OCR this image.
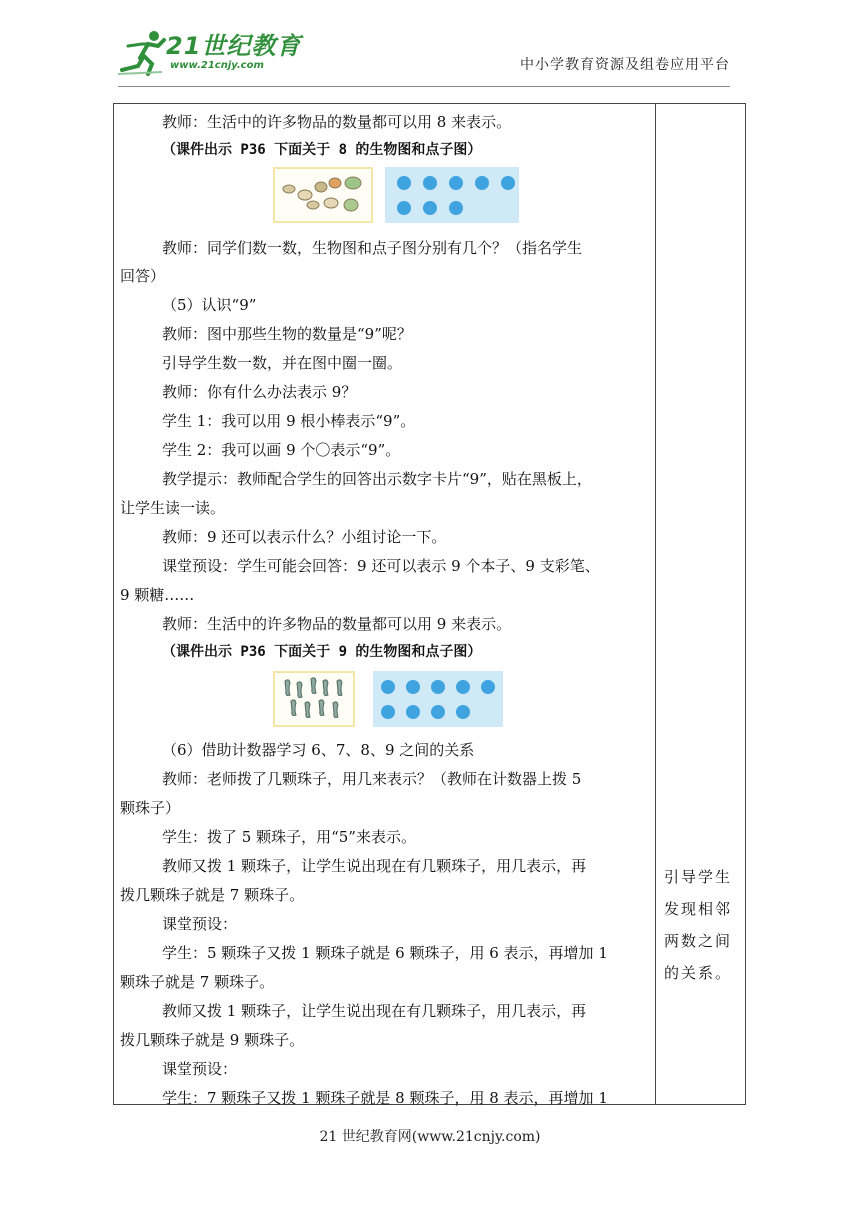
21世纪教育
www.21cnjy.com	中小学教育资源及组卷应用平台
教师：生活中的许多物品的数量都可以用 8 来表示。
（课件出示 P36 下面关于 8 的生物图和点子图）
教师：同学们数一数，生物图和点子图分别有几个？（指名学生
回答）
（5）认识“9”
教师：图中那些生物的数量是“9”呢？
引导学生数一数，并在图中圈一圈。
教师：你有什么办法表示 9？
学生 1：我可以用 9 根小棒表示“9”。
学生 2：我可以画 9 个〇表示“9”。
教学提示：教师配合学生的回答出示数字卡片“9”，贴在黑板上，
让学生读一读。
教师：9 还可以表示什么？小组讨论一下。
课堂预设：学生可能会回答：9 还可以表示 9 个本子、9 支彩笔、
9 颗糖……
教师：生活中的许多物品的数量都可以用 9 来表示。
（课件出示 P36 下面关于 9 的生物图和点子图）
（6）借助计数器学习 6、7、8、9 之间的关系
教师：老师拨了几颗珠子，用几来表示？（教师在计数器上拨 5
颗珠子）
学生：拨了 5 颗珠子，用“5”来表示。
教师又拨 1 颗珠子，让学生说出现在有几颗珠子，用几表示，再
拨几颗珠子就是 7 颗珠子。
课堂预设：
学生：5 颗珠子又拨 1 颗珠子就是 6 颗珠子，用 6 表示，再增加 1
颗珠子就是 7 颗珠子。
教师又拨 1 颗珠子，让学生说出现在有几颗珠子，用几表示，再
拨几颗珠子就是 9 颗珠子。
课堂预设：
学生：7 颗珠子又拨 1 颗珠子就是 8 颗珠子，用 8 表示，再增加 1
引导学生
发现相邻
两数之间
的关系。
21 世纪教育网(www.21cnjy.com)
